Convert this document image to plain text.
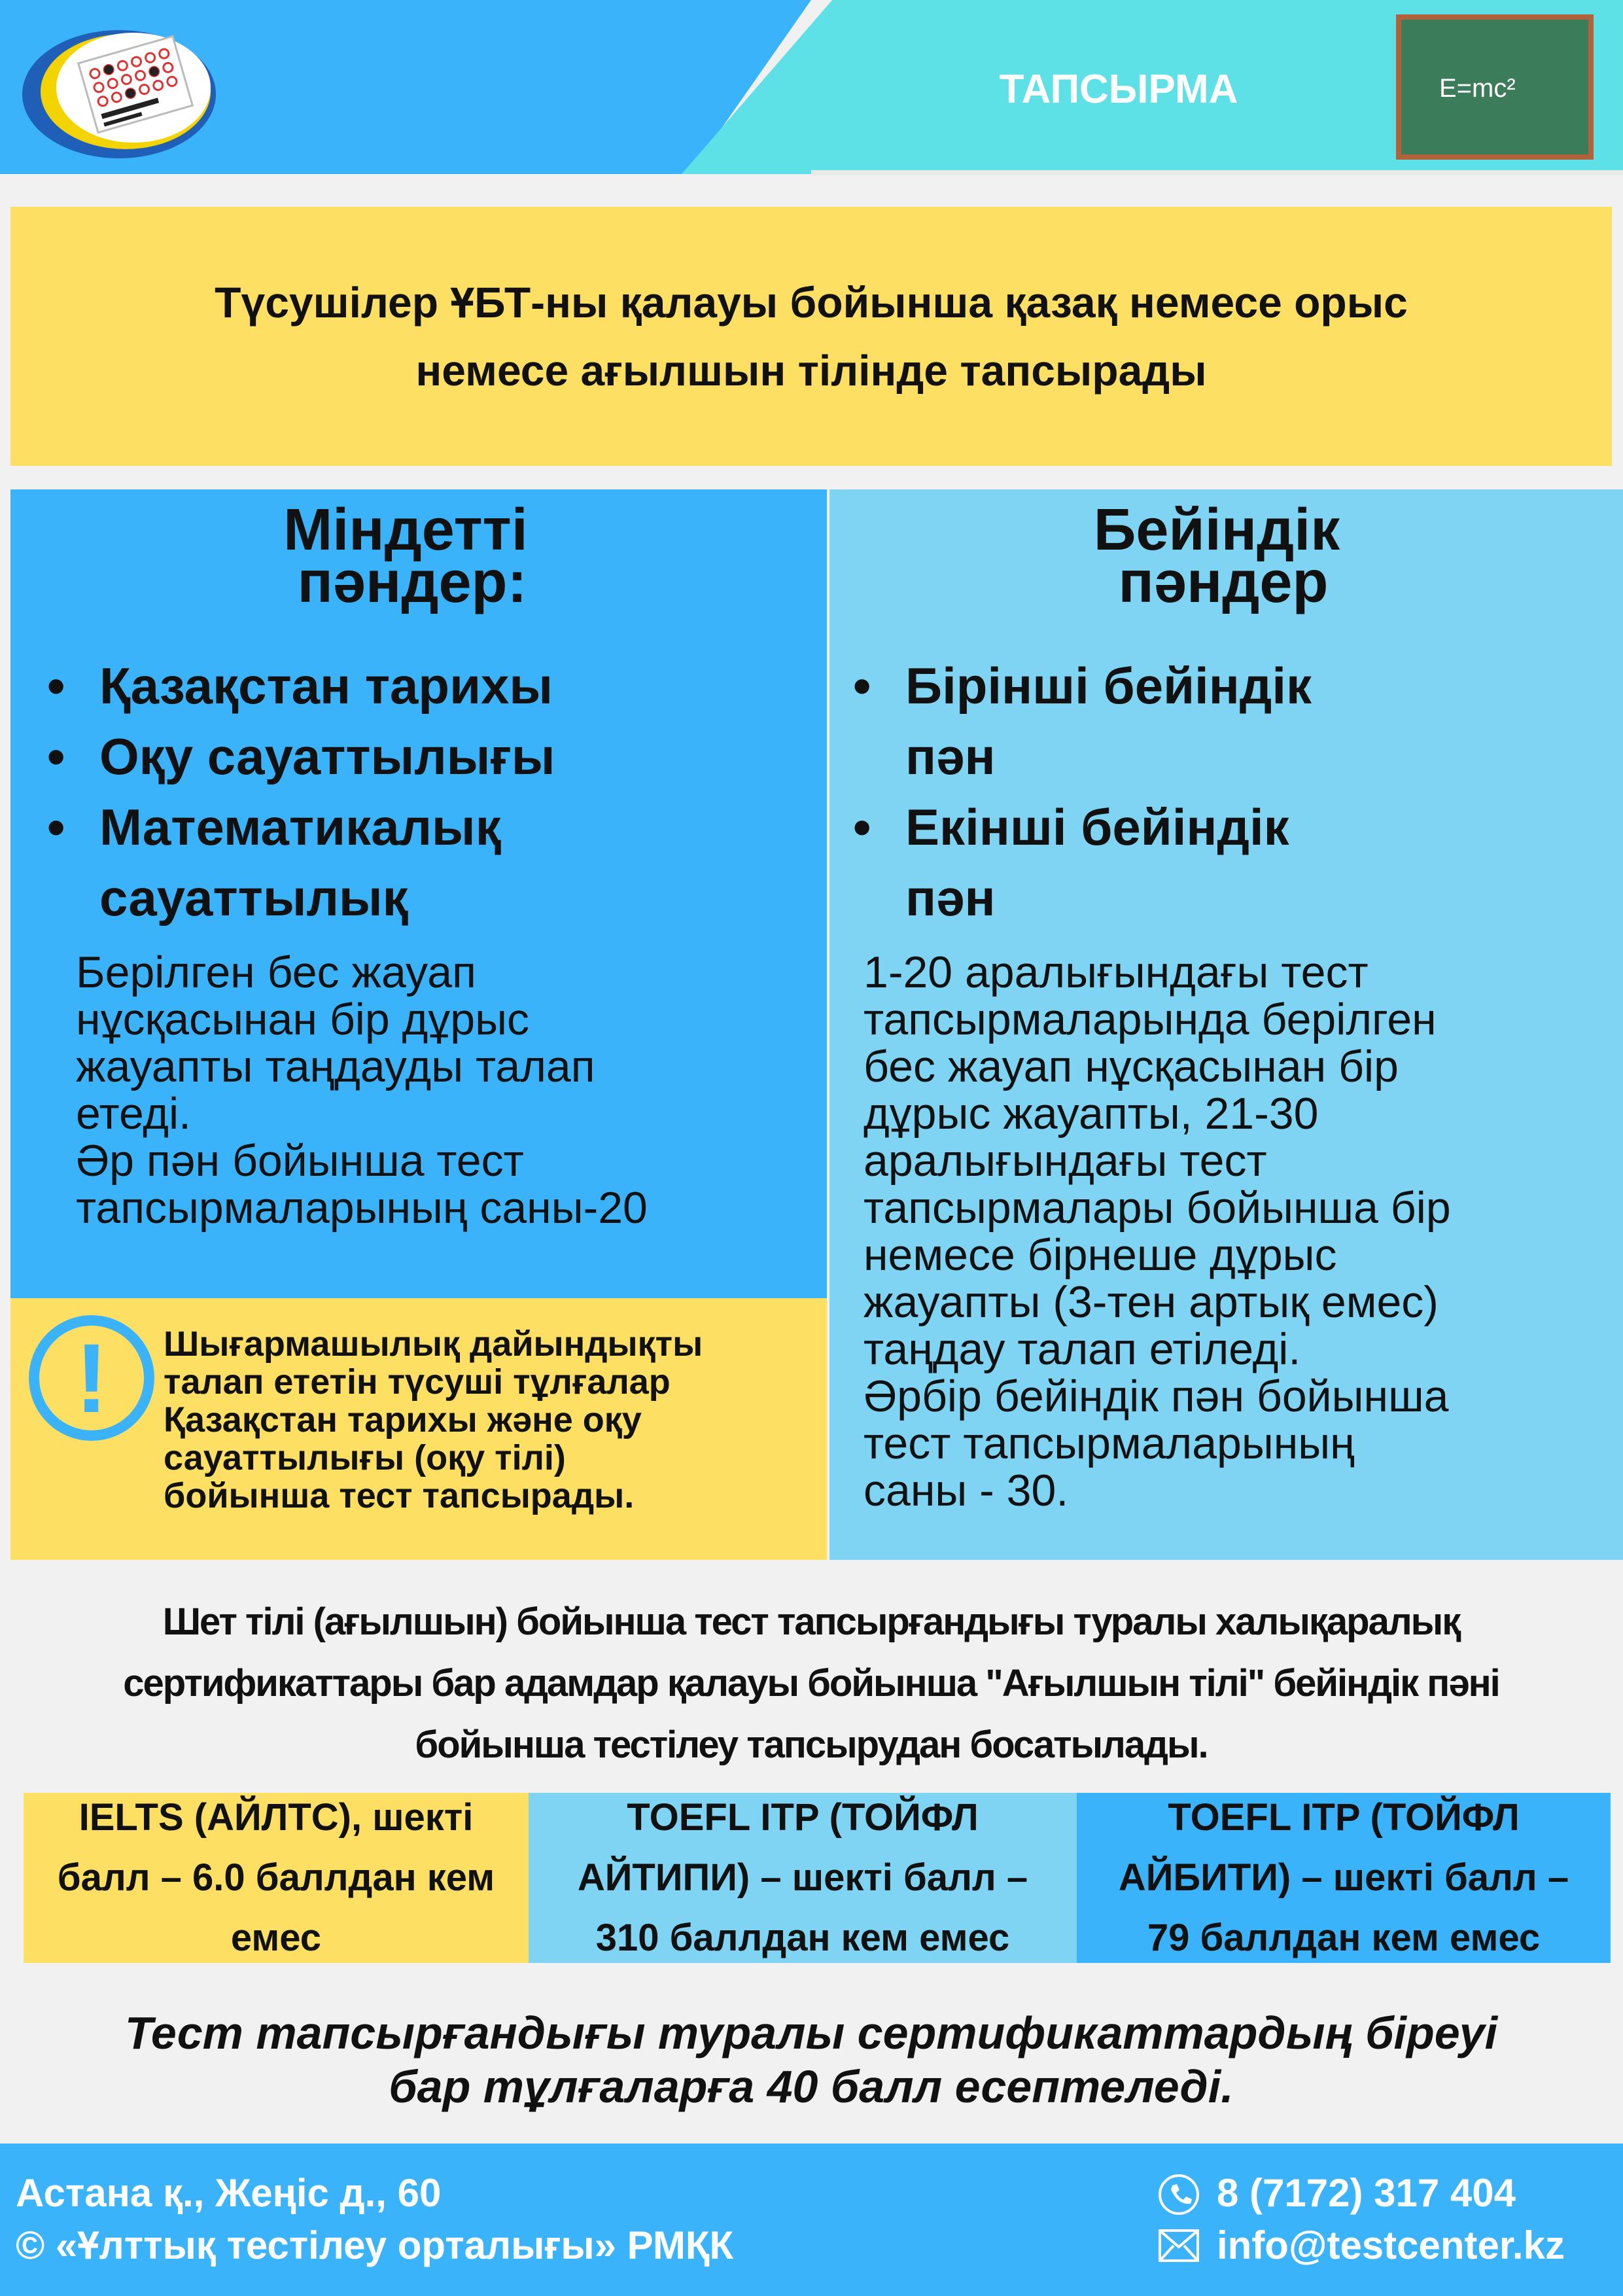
ТАПСЫРМА	E=mc²
Түсушілер ҰБТ-ны қалауы бойынша қазақ немесе орыс
немесе ағылшын тілінде тапсырады
Міндетті
пәндер:
• Қазақстан тарихы
• Оқу сауаттылығы
• Математикалық сауаттылық
Берілген бес жауап
нұсқасынан бір дұрыс
жауапты таңдауды талап
етеді.
Әр пән бойынша тест
тапсырмаларының саны-20
Бейіндік
пәндер
• Бірінші бейіндік пән
• Екінші бейіндік пән
1-20 аралығындағы тест
тапсырмаларында берілген
бес жауап нұсқасынан бір
дұрыс жауапты, 21-30
аралығындағы тест
тапсырмалары бойынша бір
немесе бірнеше дұрыс
жауапты (3-тен артық емес)
таңдау талап етіледі.
Әрбір бейіндік пән бойынша
тест тапсырмаларының
саны - 30.
!	Шығармашылық дайындықты
талап ететін түсуші тұлғалар
Қазақстан тарихы және оқу
сауаттылығы (оқу тілі)
бойынша тест тапсырады.
Шет тілі (ағылшын) бойынша тест тапсырғандығы туралы халықаралық
сертификаттары бар адамдар қалауы бойынша "Ағылшын тілі" бейіндік пәні
бойынша тестілеу тапсырудан босатылады.
IELTS (АЙЛТС), шекті
балл – 6.0 баллдан кем
емес
TOEFL ITP (ТОЙФЛ
АЙТИПИ) – шекті балл –
310 баллдан кем емес
TOEFL ITP (ТОЙФЛ
АЙБИТИ) – шекті балл –
79 баллдан кем емес
Тест тапсырғандығы туралы сертификаттардың біреуі
бар тұлғаларға 40 балл есептеледі.
Астана қ., Жеңіс д., 60
© «Ұлттық тестілеу орталығы» РМҚК
8 (7172) 317 404
info@testcenter.kz
